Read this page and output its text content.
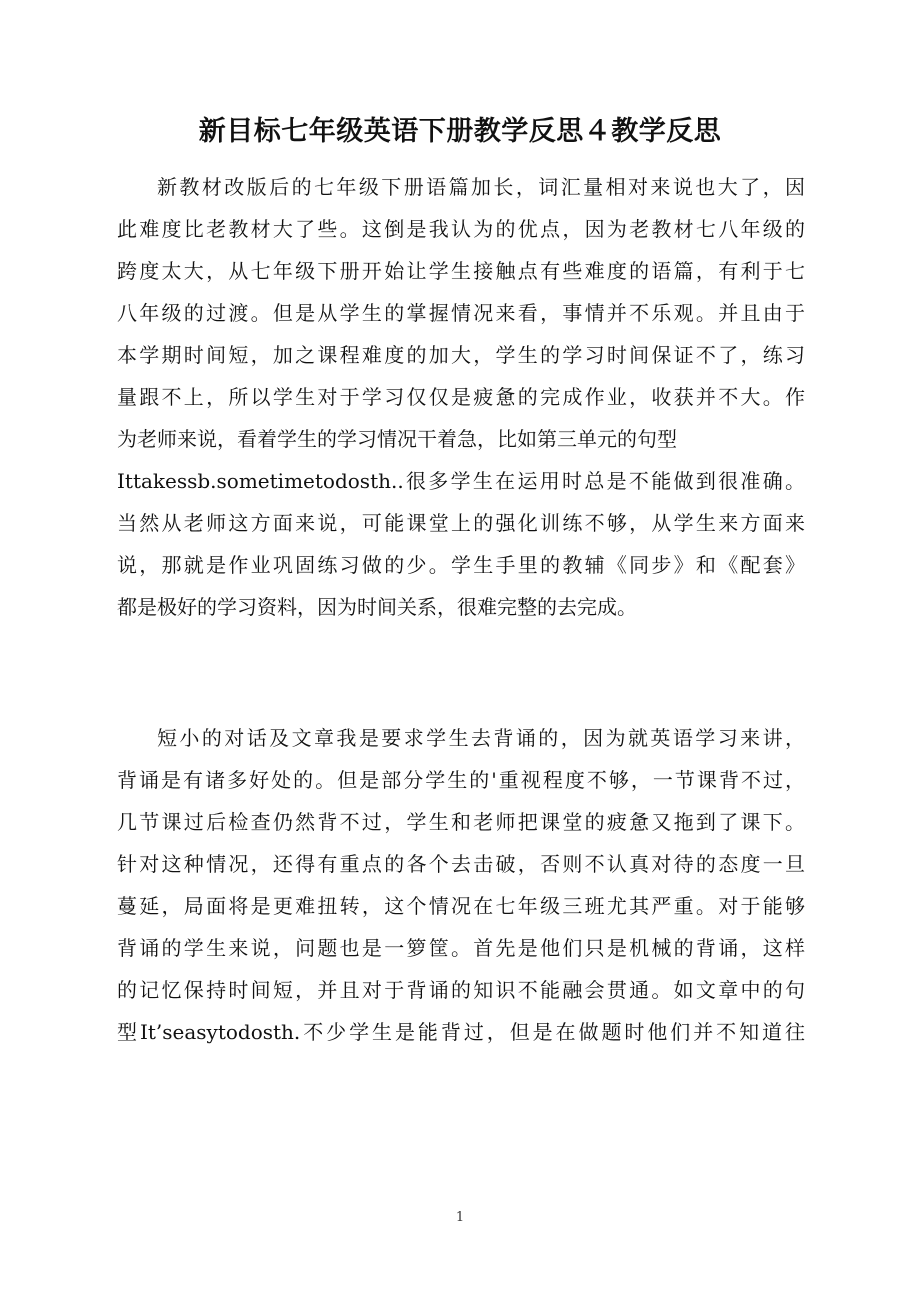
新目标七年级英语下册教学反思４教学反思
新教材改版后的七年级下册语篇加长，词汇量相对来说也大了，因
此难度比老教材大了些。这倒是我认为的优点，因为老教材七八年级的
跨度太大，从七年级下册开始让学生接触点有些难度的语篇，有利于七
八年级的过渡。但是从学生的掌握情况来看，事情并不乐观。并且由于
本学期时间短，加之课程难度的加大，学生的学习时间保证不了，练习
量跟不上，所以学生对于学习仅仅是疲惫的完成作业，收获并不大。作
为老师来说，看着学生的学习情况干着急，比如第三单元的句型
Ittakessb.sometimetodosth..很多学生在运用时总是不能做到很准确。
当然从老师这方面来说，可能课堂上的强化训练不够，从学生来方面来
说，那就是作业巩固练习做的少。学生手里的教辅《同步》和《配套》
都是极好的学习资料，因为时间关系，很难完整的去完成。
短小的对话及文章我是要求学生去背诵的，因为就英语学习来讲，
背诵是有诸多好处的。但是部分学生的'重视程度不够，一节课背不过，
几节课过后检查仍然背不过，学生和老师把课堂的疲惫又拖到了课下。
针对这种情况，还得有重点的各个去击破，否则不认真对待的态度一旦
蔓延，局面将是更难扭转，这个情况在七年级三班尤其严重。对于能够
背诵的学生来说，问题也是一箩筐。首先是他们只是机械的背诵，这样
的记忆保持时间短，并且对于背诵的知识不能融会贯通。如文章中的句
型It’seasytodosth.不少学生是能背过，但是在做题时他们并不知道往
1
